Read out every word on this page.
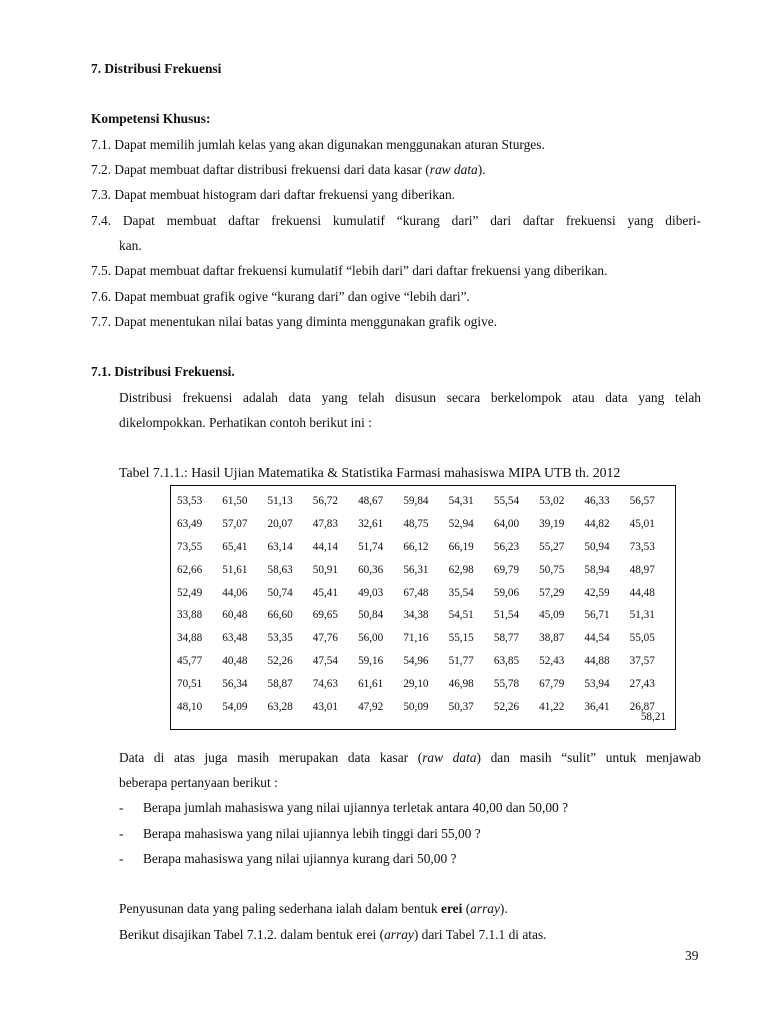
7. Distribusi Frekuensi
Kompetensi Khusus:
7.1. Dapat memilih jumlah kelas yang akan digunakan menggunakan aturan Sturges.
7.2. Dapat membuat daftar distribusi frekuensi dari data kasar (raw data).
7.3. Dapat membuat histogram dari daftar frekuensi yang diberikan.
7.4. Dapat membuat daftar frekuensi kumulatif “kurang dari” dari daftar frekuensi yang diberi-
kan.
7.5. Dapat membuat daftar frekuensi kumulatif “lebih dari” dari daftar frekuensi yang diberikan.
7.6. Dapat membuat grafik ogive “kurang dari” dan ogive “lebih dari”.
7.7. Dapat menentukan nilai batas yang diminta menggunakan grafik ogive.
7.1. Distribusi Frekuensi.
Distribusi frekuensi adalah data yang telah disusun secara berkelompok atau data yang telah
dikelompokkan. Perhatikan contoh berikut ini :
Tabel 7.1.1.: Hasil Ujian Matematika & Statistika Farmasi mahasiswa MIPA UTB th. 2012
53,53	61,50	51,13	56,72	48,67	59,84	54,31	55,54	53,02	46,33	56,57
63,49	57,07	20,07	47,83	32,61	48,75	52,94	64,00	39,19	44,82	45,01
73,55	65,41	63,14	44,14	51,74	66,12	66,19	56,23	55,27	50,94	73,53
62,66	51,61	58,63	50,91	60,36	56,31	62,98	69,79	50,75	58,94	48,97
52,49	44,06	50,74	45,41	49,03	67,48	35,54	59,06	57,29	42,59	44,48
33,88	60,48	66,60	69,65	50,84	34,38	54,51	51,54	45,09	56,71	51,31
34,88	63,48	53,35	47,76	56,00	71,16	55,15	58,77	38,87	44,54	55,05
45,77	40,48	52,26	47,54	59,16	54,96	51,77	63,85	52,43	44,88	37,57
70,51	56,34	58,87	74,63	61,61	29,10	46,98	55,78	67,79	53,94	27,43
48,10	54,09	63,28	43,01	47,92	50,09	50,37	52,26	41,22	36,41	26,87
58,21
Data di atas juga masih merupakan data kasar (raw data) dan masih “sulit” untuk menjawab
beberapa pertanyaan berikut :
- Berapa jumlah mahasiswa yang nilai ujiannya terletak antara 40,00 dan 50,00 ?
- Berapa mahasiswa yang nilai ujiannya lebih tinggi dari 55,00 ?
- Berapa mahasiswa yang nilai ujiannya kurang dari 50,00 ?
Penyusunan data yang paling sederhana ialah dalam bentuk erei (array).
Berikut disajikan Tabel 7.1.2. dalam bentuk erei (array) dari Tabel 7.1.1 di atas.
39
